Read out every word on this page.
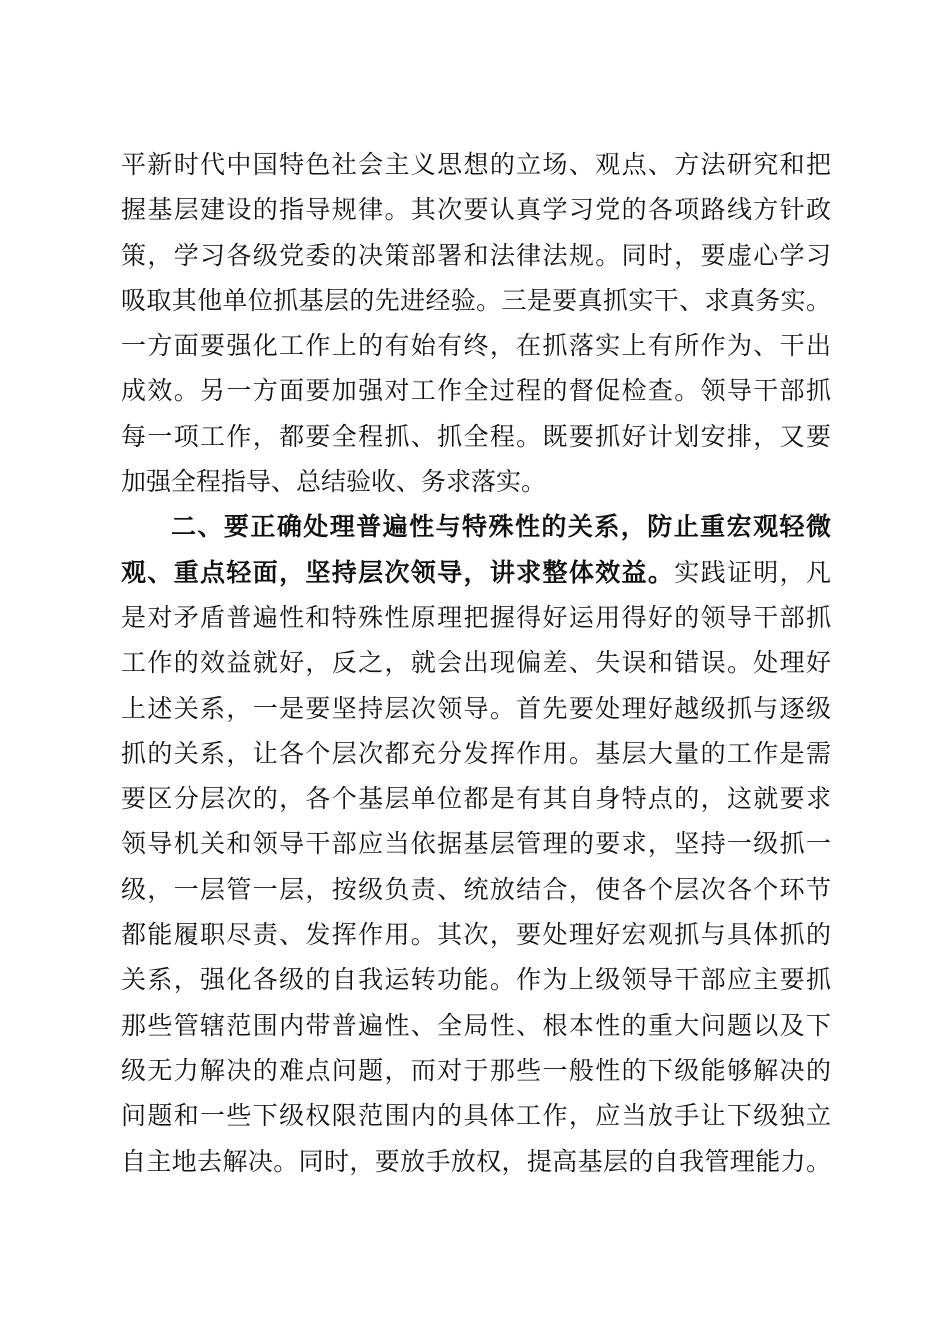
平新时代中国特色社会主义思想的立场、观点、方法研究和把
握基层建设的指导规律。其次要认真学习党的各项路线方针政
策，学习各级党委的决策部署和法律法规。同时，要虚心学习
吸取其他单位抓基层的先进经验。三是要真抓实干、求真务实。
一方面要强化工作上的有始有终，在抓落实上有所作为、干出
成效。另一方面要加强对工作全过程的督促检查。领导干部抓
每一项工作，都要全程抓、抓全程。既要抓好计划安排，又要
加强全程指导、总结验收、务求落实。
二、要正确处理普遍性与特殊性的关系，防止重宏观轻微
观、重点轻面，坚持层次领导，讲求整体效益。实践证明，凡
是对矛盾普遍性和特殊性原理把握得好运用得好的领导干部抓
工作的效益就好，反之，就会出现偏差、失误和错误。处理好
上述关系，一是要坚持层次领导。首先要处理好越级抓与逐级
抓的关系，让各个层次都充分发挥作用。基层大量的工作是需
要区分层次的，各个基层单位都是有其自身特点的，这就要求
领导机关和领导干部应当依据基层管理的要求，坚持一级抓一
级，一层管一层，按级负责、统放结合，使各个层次各个环节
都能履职尽责、发挥作用。其次，要处理好宏观抓与具体抓的
关系，强化各级的自我运转功能。作为上级领导干部应主要抓
那些管辖范围内带普遍性、全局性、根本性的重大问题以及下
级无力解决的难点问题，而对于那些一般性的下级能够解决的
问题和一些下级权限范围内的具体工作，应当放手让下级独立
自主地去解决。同时，要放手放权，提高基层的自我管理能力。
